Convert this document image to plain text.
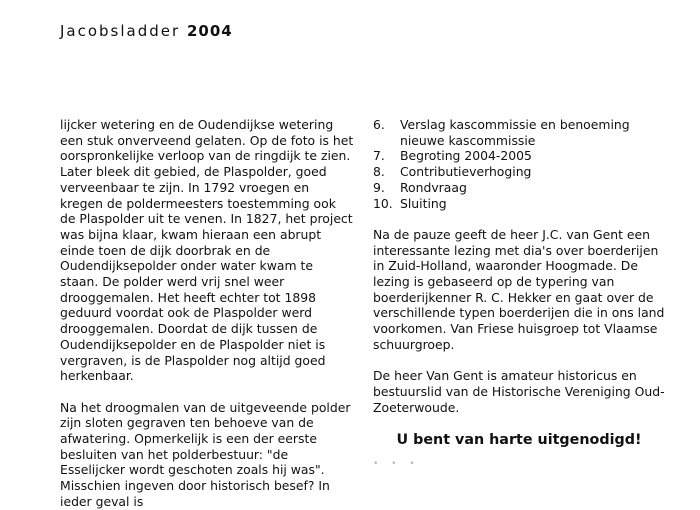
Jacobsladder 2004

lijcker wetering en de Oudendijkse wetering een stuk onverveend gelaten. Op de foto is het oorspronkelijke verloop van de ringdijk te zien. Later bleek dit gebied, de Plaspolder, goed verveenbaar te zijn. In 1792 vroegen en kregen de poldermeesters toestemming ook de Plaspolder uit te venen. In 1827, het project was bijna klaar, kwam hieraan een abrupt einde toen de dijk doorbrak en de Oudendijksepolder onder water kwam te staan. De polder werd vrij snel weer drooggemalen. Het heeft echter tot 1898 geduurd voordat ook de Plaspolder werd drooggemalen. Doordat de dijk tussen de Oudendijksepolder en de Plaspolder niet is vergraven, is de Plaspolder nog altijd goed herkenbaar.

Na het droogmalen van de uitgeveende polder zijn sloten gegraven ten behoeve van de afwatering. Opmerkelijk is een der eerste besluiten van het polderbestuur: "de Esselijcker wordt geschoten zoals hij was". Misschien ingeven door historisch besef? In ieder geval is

6.	Verslag kascommissie en benoeming nieuwe kascommissie
7.	Begroting 2004-2005
8.	Contributieverhoging
9.	Rondvraag
10. Sluiting

Na de pauze geeft de heer J.C. van Gent een interessante lezing met dia's over boerderijen in Zuid-Holland, waaronder Hoogmade. De lezing is gebaseerd op de typering van boerderijkenner R. C. Hekker en gaat over de verschillende typen boerderijen die in ons land voorkomen. Van Friese huisgroep tot Vlaamse schuurgroep.

De heer Van Gent is amateur historicus en bestuurslid van de Historische Vereniging Oud-Zoeterwoude.

U bent van harte uitgenodigd!
• • •
